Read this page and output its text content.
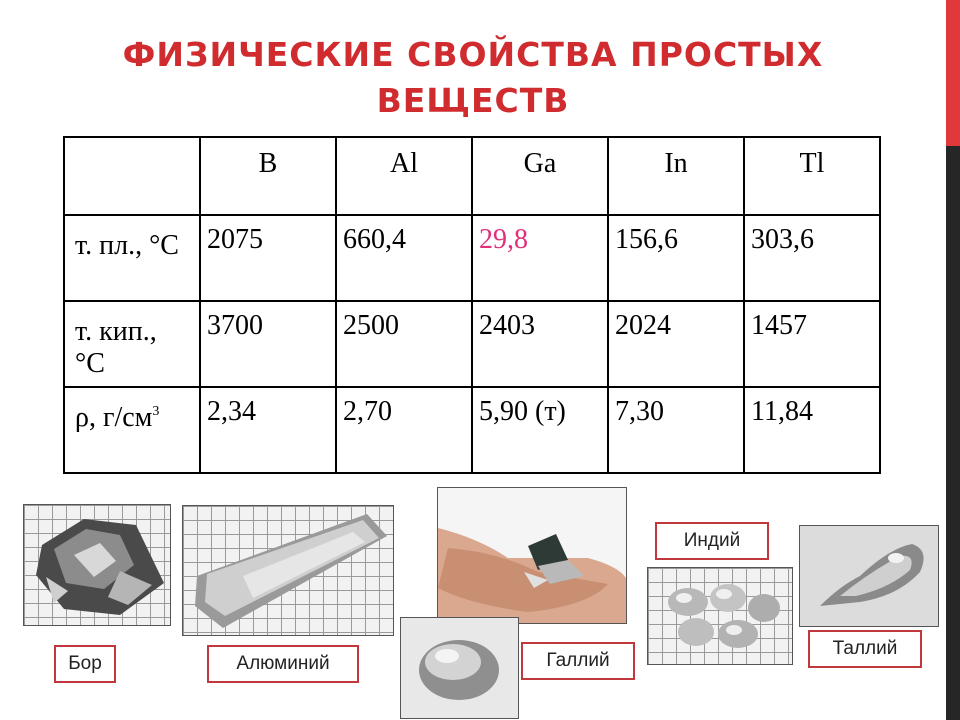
ФИЗИЧЕСКИЕ СВОЙСТВА ПРОСТЫХ ВЕЩЕСТВ
	B	Al	Ga	In	Tl
т. пл., °С	2075	660,4	29,8	156,6	303,6
т. кип., °С	3700	2500	2403	2024	1457
ρ, $г/см^3$	2,34	2,70	5,90 (т)	7,30	11,84
Бор	Алюминий	Галлий
Индий
Таллий
